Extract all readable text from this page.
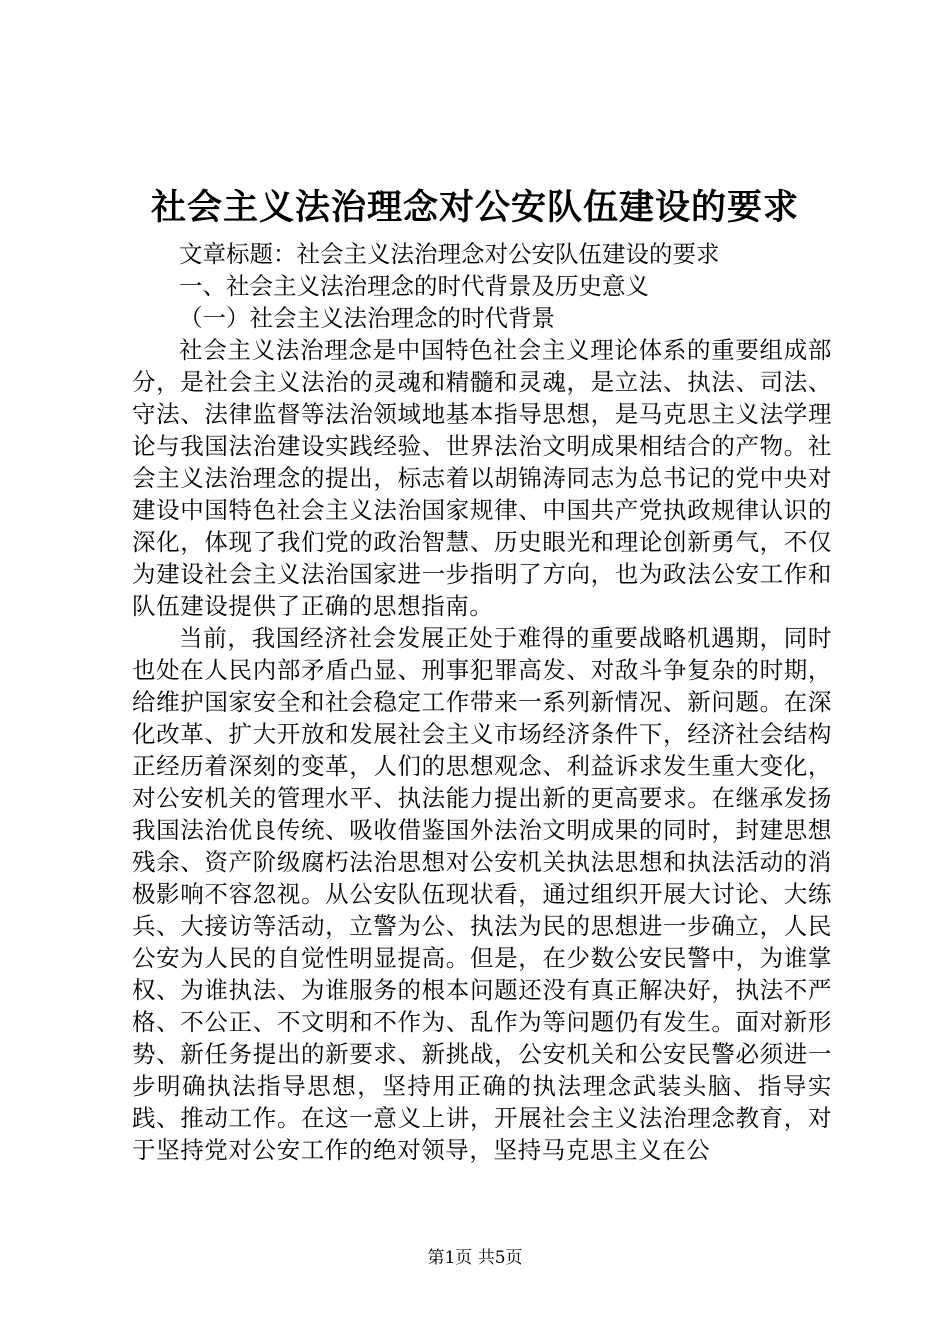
社会主义法治理念对公安队伍建设的要求

文章标题：社会主义法治理念对公安队伍建设的要求

一、社会主义法治理念的时代背景及历史意义

（一）社会主义法治理念的时代背景

社会主义法治理念是中国特色社会主义理论体系的重要组成部分，是社会主义法治的灵魂和精髓和灵魂，是立法、执法、司法、守法、法律监督等法治领域地基本指导思想，是马克思主义法学理论与我国法治建设实践经验、世界法治文明成果相结合的产物。社会主义法治理念的提出，标志着以胡锦涛同志为总书记的党中央对建设中国特色社会主义法治国家规律、中国共产党执政规律认识的深化，体现了我们党的政治智慧、历史眼光和理论创新勇气，不仅为建设社会主义法治国家进一步指明了方向，也为政法公安工作和队伍建设提供了正确的思想指南。

当前，我国经济社会发展正处于难得的重要战略机遇期，同时也处在人民内部矛盾凸显、刑事犯罪高发、对敌斗争复杂的时期，给维护国家安全和社会稳定工作带来一系列新情况、新问题。在深化改革、扩大开放和发展社会主义市场经济条件下，经济社会结构正经历着深刻的变革，人们的思想观念、利益诉求发生重大变化，对公安机关的管理水平、执法能力提出新的更高要求。在继承发扬我国法治优良传统、吸收借鉴国外法治文明成果的同时，封建思想残余、资产阶级腐朽法治思想对公安机关执法思想和执法活动的消极影响不容忽视。从公安队伍现状看，通过组织开展大讨论、大练兵、大接访等活动，立警为公、执法为民的思想进一步确立，人民公安为人民的自觉性明显提高。但是，在少数公安民警中，为谁掌权、为谁执法、为谁服务的根本问题还没有真正解决好，执法不严格、不公正、不文明和不作为、乱作为等问题仍有发生。面对新形势、新任务提出的新要求、新挑战，公安机关和公安民警必须进一步明确执法指导思想，坚持用正确的执法理念武装头脑、指导实践、推动工作。在这一意义上讲，开展社会主义法治理念教育，对于坚持党对公安工作的绝对领导，坚持马克思主义在公

第1页 共5页
